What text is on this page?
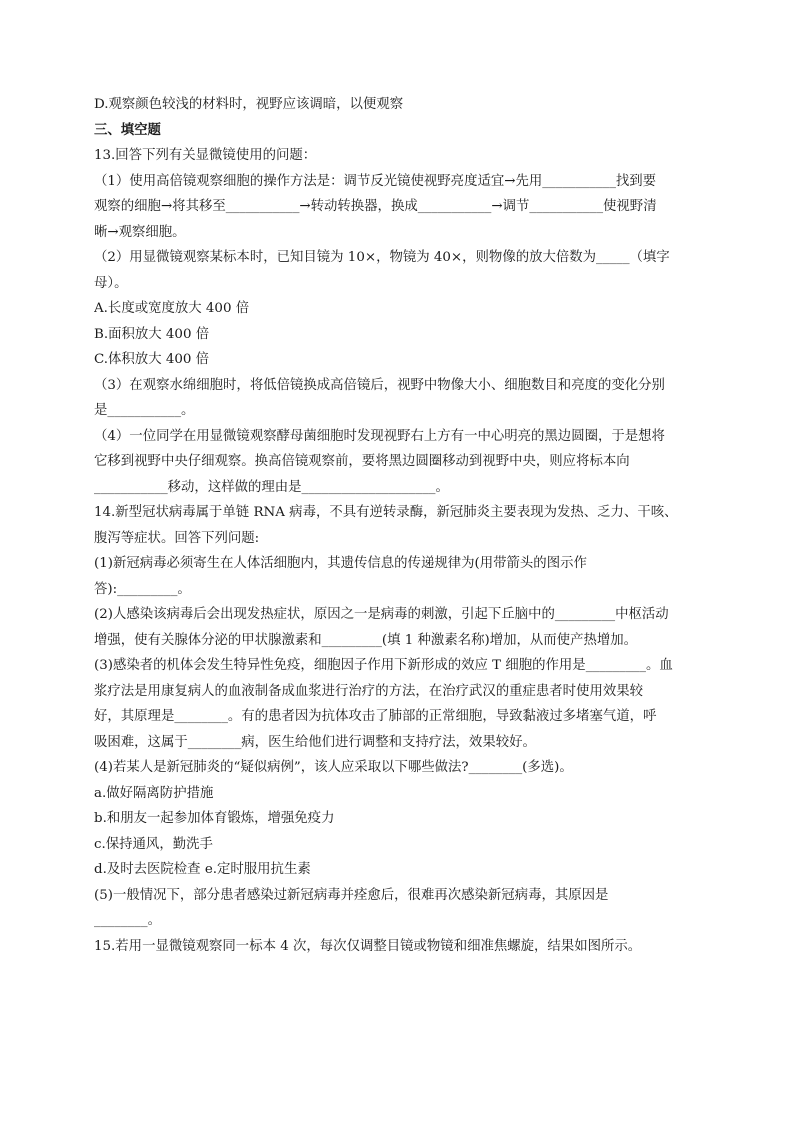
D.观察颜色较浅的材料时，视野应该调暗，以便观察
三、填空题
13.回答下列有关显微镜使用的问题：
（1）使用高倍镜观察细胞的操作方法是：调节反光镜使视野亮度适宜→先用___________找到要
观察的细胞→将其移至___________→转动转换器，换成___________→调节___________使视野清
晰→观察细胞。
（2）用显微镜观察某标本时，已知目镜为 10×，物镜为 40×，则物像的放大倍数为_____（填字
母）。
A.长度或宽度放大 400 倍
B.面积放大 400 倍
C.体积放大 400 倍
（3）在观察水绵细胞时，将低倍镜换成高倍镜后，视野中物像大小、细胞数目和亮度的变化分别
是___________。
（4）一位同学在用显微镜观察酵母菌细胞时发现视野右上方有一中心明亮的黑边圆圈，于是想将
它移到视野中央仔细观察。换高倍镜观察前，要将黑边圆圈移动到视野中央，则应将标本向
___________移动，这样做的理由是____________________。
14.新型冠状病毒属于单链 RNA 病毒，不具有逆转录酶，新冠肺炎主要表现为发热、乏力、干咳、
腹泻等症状。回答下列问题:
(1)新冠病毒必须寄生在人体活细胞内，其遗传信息的传递规律为(用带箭头的图示作
答):_________。
(2)人感染该病毒后会出现发热症状，原因之一是病毒的刺激，引起下丘脑中的_________中枢活动
增强，使有关腺体分泌的甲状腺激素和_________(填 1 种激素名称)增加，从而使产热增加。
(3)感染者的机体会发生特异性免疫，细胞因子作用下新形成的效应 T 细胞的作用是_________。血
浆疗法是用康复病人的血液制备成血浆进行治疗的方法，在治疗武汉的重症患者时使用效果较
好，其原理是________。有的患者因为抗体攻击了肺部的正常细胞，导致黏液过多堵塞气道，呼
吸困难，这属于________病，医生给他们进行调整和支持疗法，效果较好。
(4)若某人是新冠肺炎的“疑似病例”，该人应采取以下哪些做法?________(多选)。
a.做好隔离防护措施
b.和朋友一起参加体育锻炼，增强免疫力
c.保持通风，勤洗手
d.及时去医院检查 e.定时服用抗生素
(5)一般情况下，部分患者感染过新冠病毒并痊愈后，很难再次感染新冠病毒，其原因是
________。
15.若用一显微镜观察同一标本 4 次，每次仅调整目镜或物镜和细准焦螺旋，结果如图所示。
